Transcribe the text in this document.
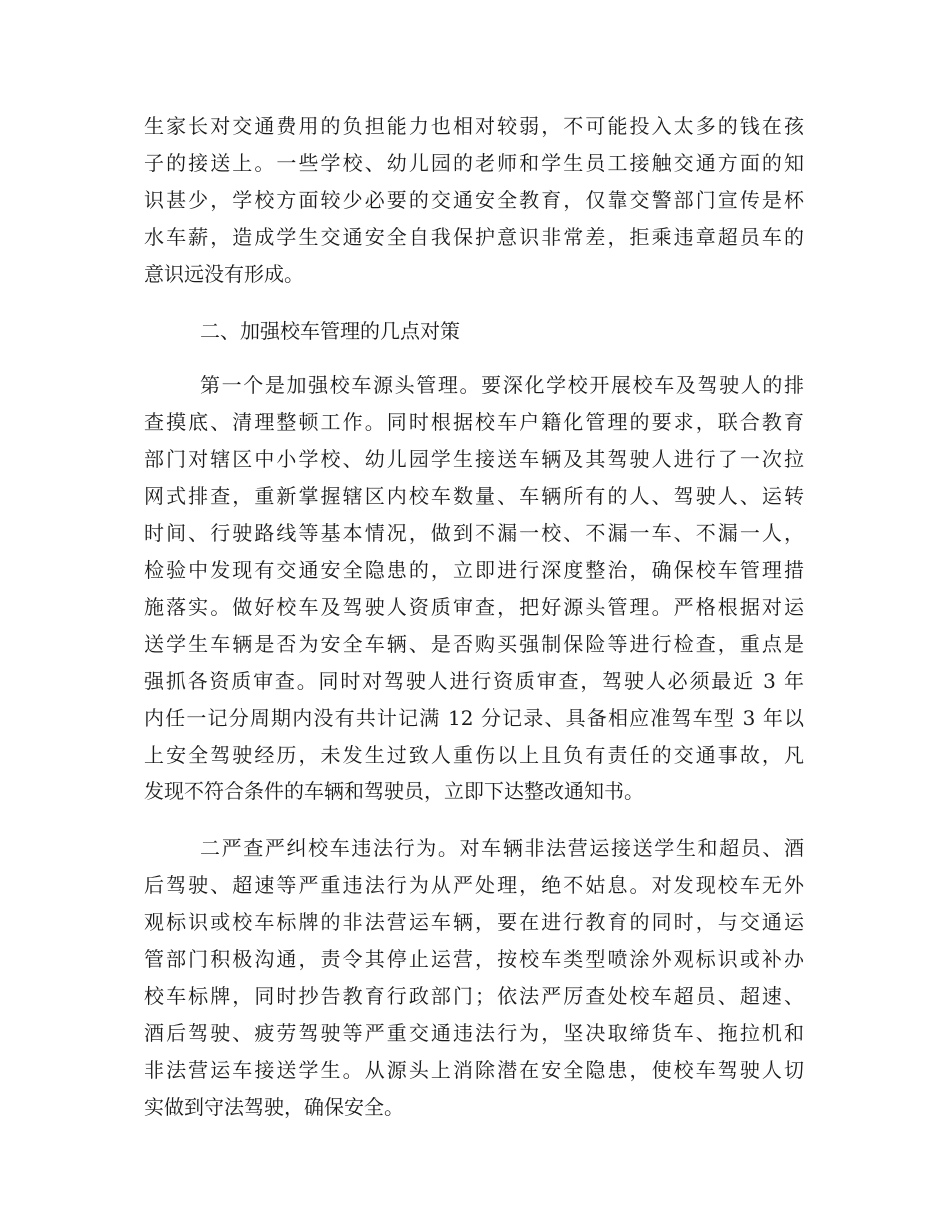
生家长对交通费用的负担能力也相对较弱，不可能投入太多的钱在孩
子的接送上。一些学校、幼儿园的老师和学生员工接触交通方面的知
识甚少，学校方面较少必要的交通安全教育，仅靠交警部门宣传是杯
水车薪，造成学生交通安全自我保护意识非常差，拒乘违章超员车的
意识远没有形成。
二、加强校车管理的几点对策
第一个是加强校车源头管理。要深化学校开展校车及驾驶人的排
查摸底、清理整顿工作。同时根据校车户籍化管理的要求，联合教育
部门对辖区中小学校、幼儿园学生接送车辆及其驾驶人进行了一次拉
网式排查，重新掌握辖区内校车数量、车辆所有的人、驾驶人、运转
时间、行驶路线等基本情况，做到不漏一校、不漏一车、不漏一人，
检验中发现有交通安全隐患的，立即进行深度整治，确保校车管理措
施落实。做好校车及驾驶人资质审查，把好源头管理。严格根据对运
送学生车辆是否为安全车辆、是否购买强制保险等进行检查，重点是
强抓各资质审查。同时对驾驶人进行资质审查，驾驶人必须最近 3 年
内任一记分周期内没有共计记满 12 分记录、具备相应准驾车型 3 年以
上安全驾驶经历，未发生过致人重伤以上且负有责任的交通事故，凡
发现不符合条件的车辆和驾驶员，立即下达整改通知书。
二严查严纠校车违法行为。对车辆非法营运接送学生和超员、酒
后驾驶、超速等严重违法行为从严处理，绝不姑息。对发现校车无外
观标识或校车标牌的非法营运车辆，要在进行教育的同时，与交通运
管部门积极沟通，责令其停止运营，按校车类型喷涂外观标识或补办
校车标牌，同时抄告教育行政部门；依法严厉查处校车超员、超速、
酒后驾驶、疲劳驾驶等严重交通违法行为，坚决取缔货车、拖拉机和
非法营运车接送学生。从源头上消除潜在安全隐患，使校车驾驶人切
实做到守法驾驶，确保安全。
